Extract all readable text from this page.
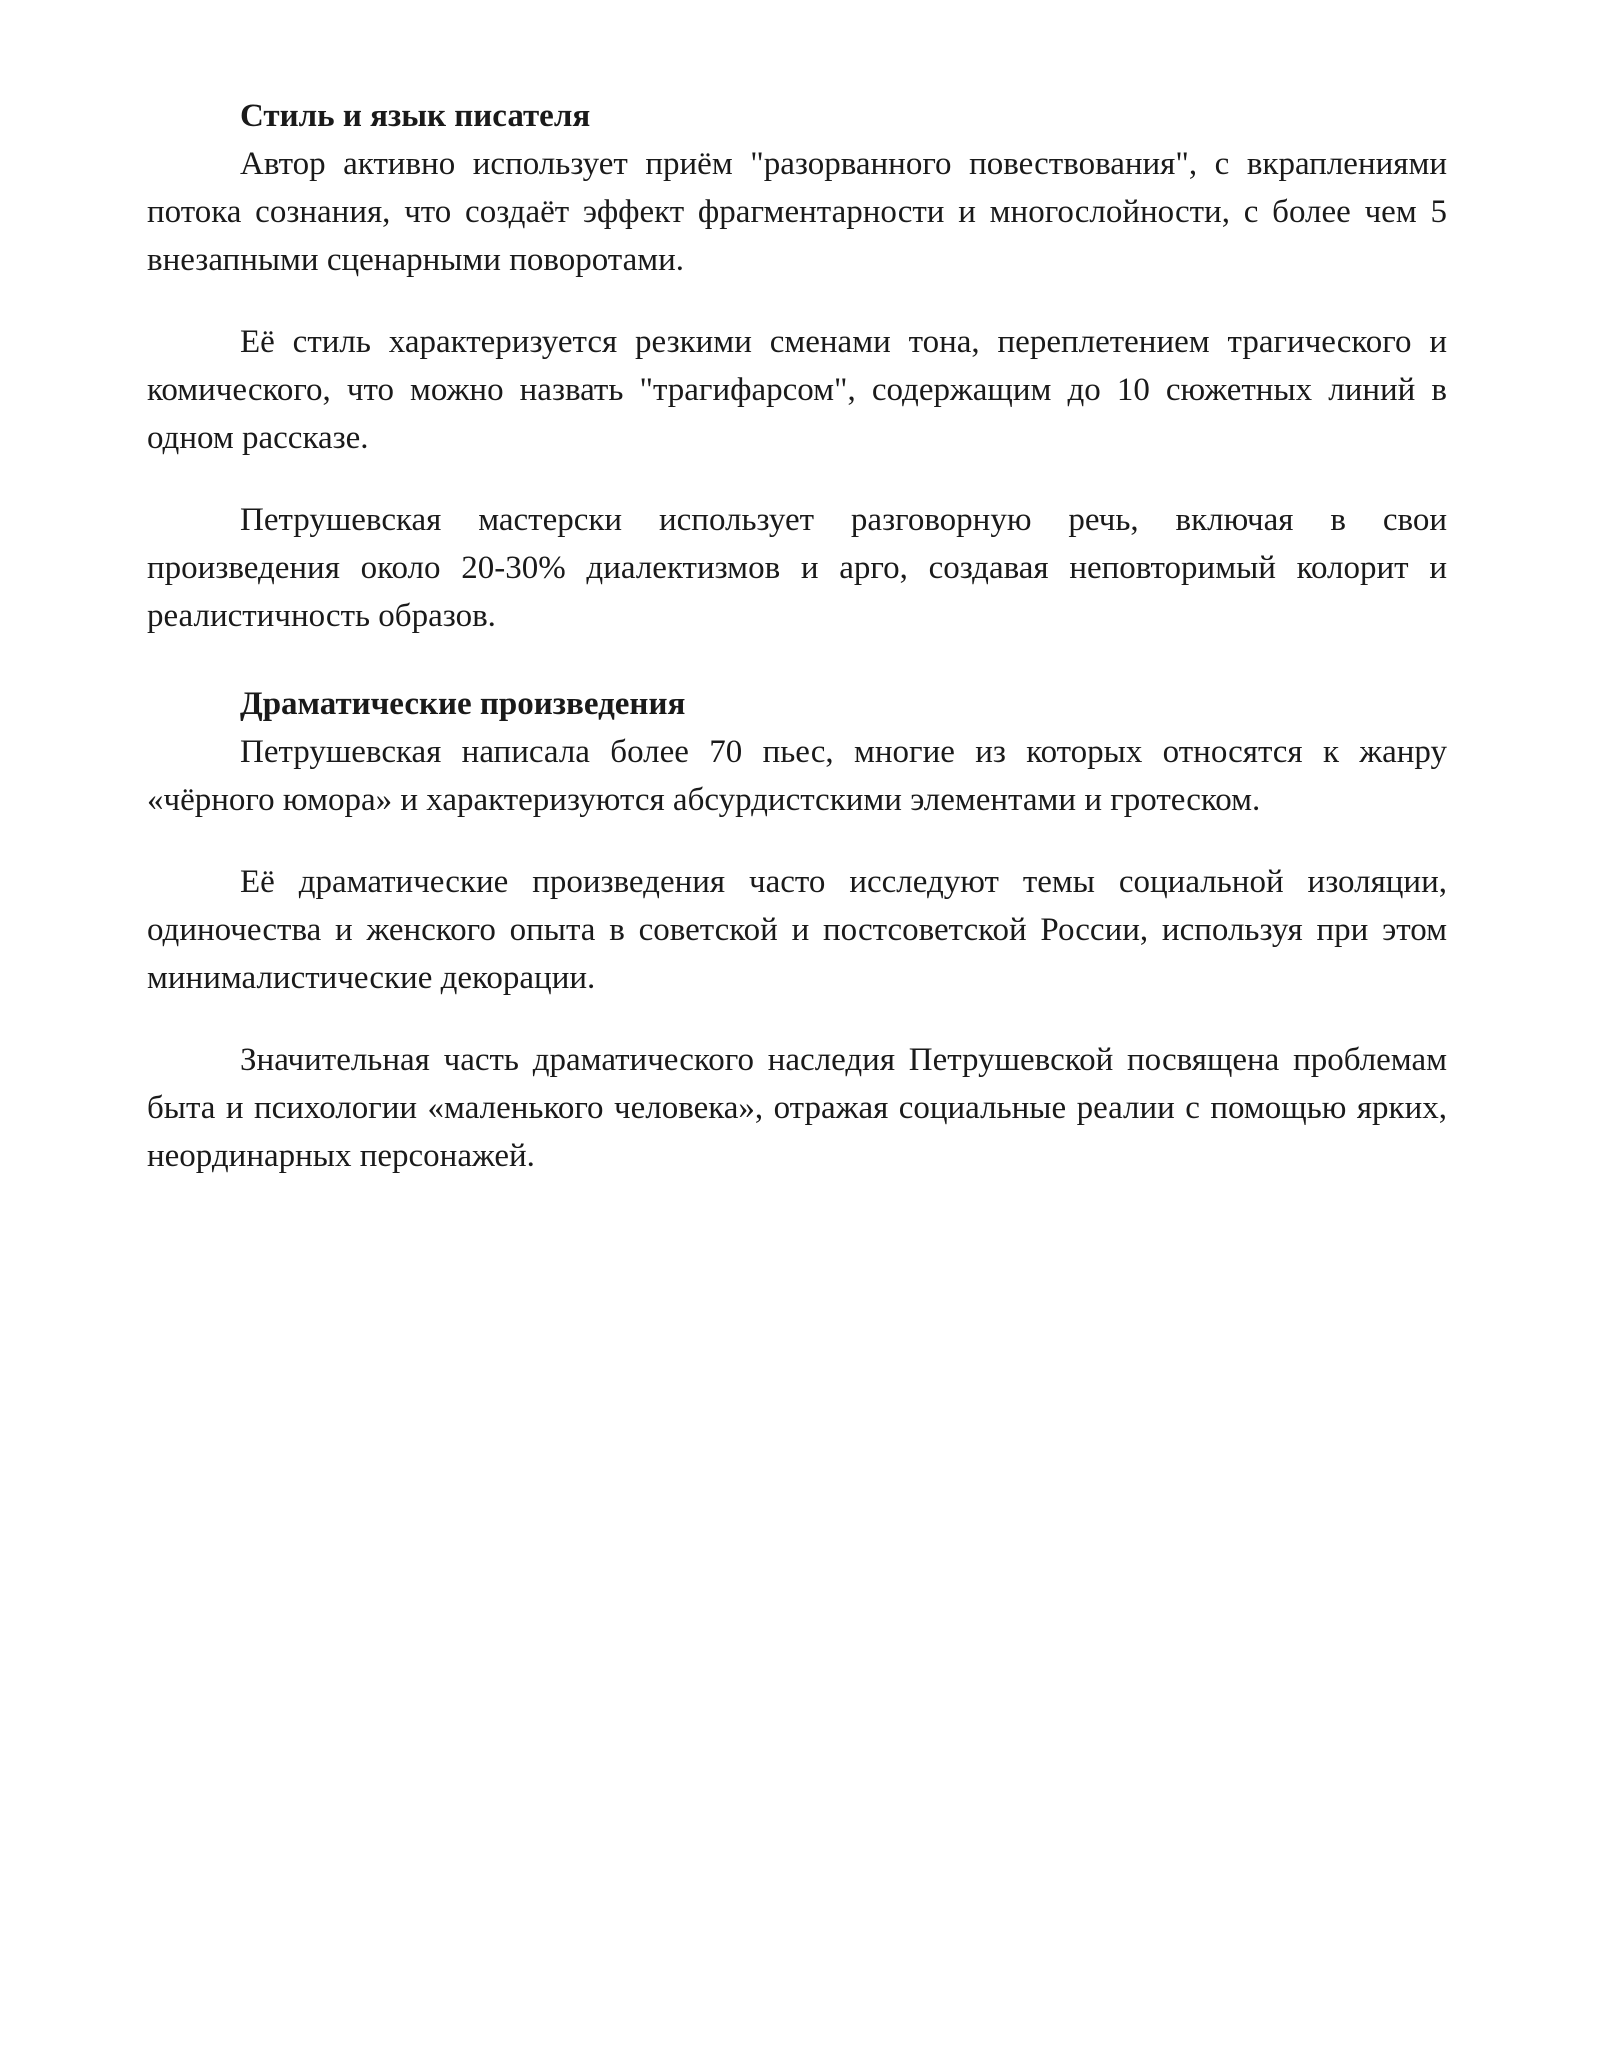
Стиль и язык писателя

Автор активно использует приём "разорванного повествования", с вкраплениями потока сознания, что создаёт эффект фрагментарности и многослойности, с более чем 5 внезапными сценарными поворотами.

Её стиль характеризуется резкими сменами тона, переплетением трагического и комического, что можно назвать "трагифарсом", содержащим до 10 сюжетных линий в одном рассказе.

Петрушевская мастерски использует разговорную речь, включая в свои произведения около 20-30% диалектизмов и арго, создавая неповторимый колорит и реалистичность образов.

Драматические произведения

Петрушевская написала более 70 пьес, многие из которых относятся к жанру «чёрного юмора» и характеризуются абсурдистскими элементами и гротеском.

Её драматические произведения часто исследуют темы социальной изоляции, одиночества и женского опыта в советской и постсоветской России, используя при этом минималистические декорации.

Значительная часть драматического наследия Петрушевской посвящена проблемам быта и психологии «маленького человека», отражая социальные реалии с помощью ярких, неординарных персонажей.
